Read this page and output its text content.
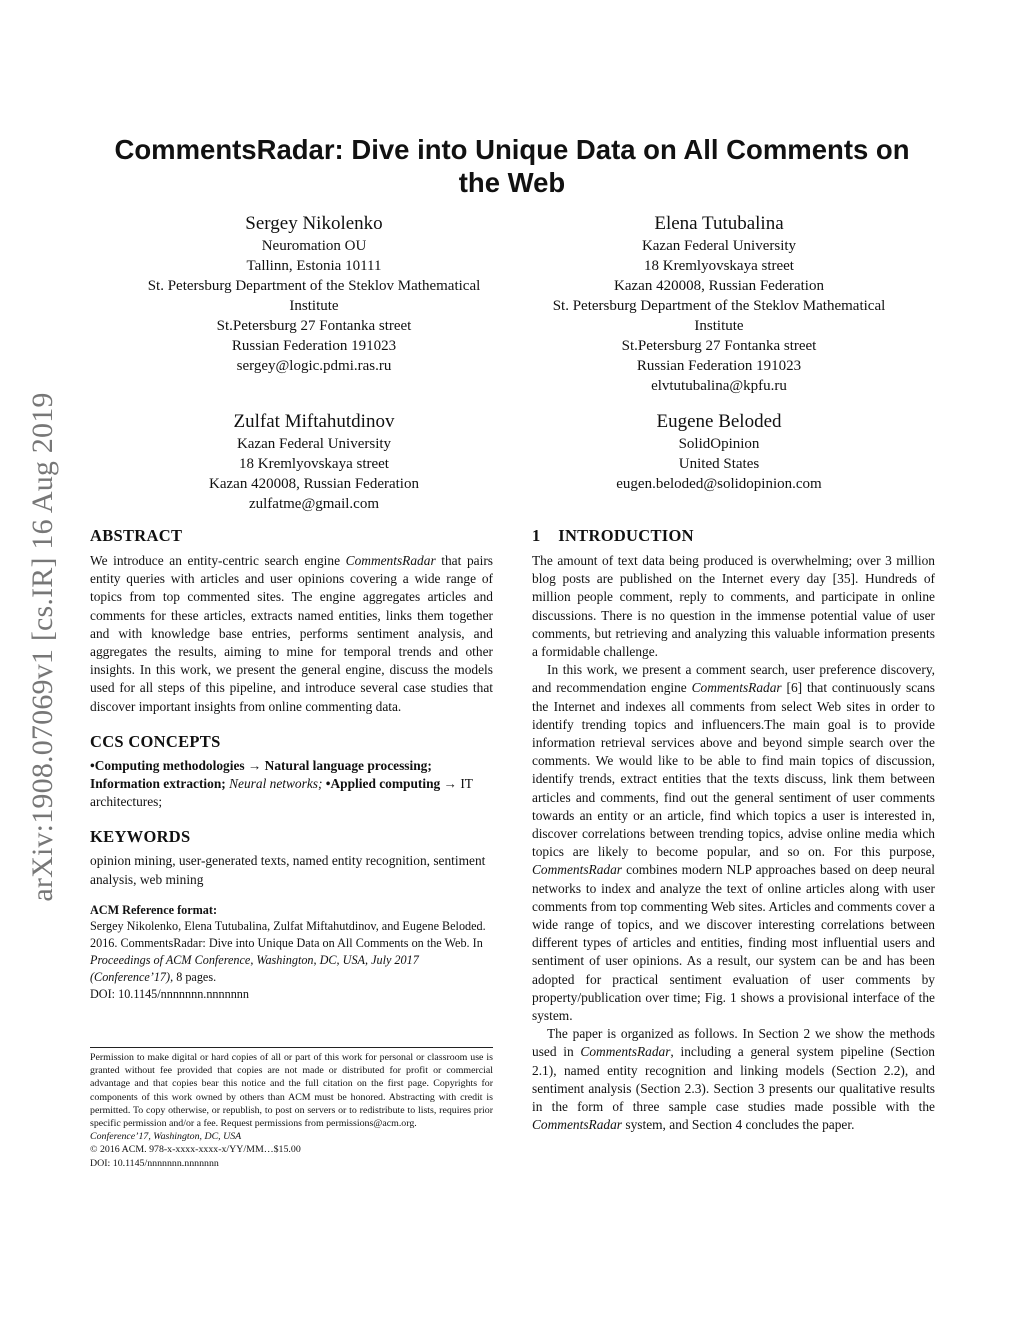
arXiv:1908.07069v1 [cs.IR] 16 Aug 2019
CommentsRadar: Dive into Unique Data on All Comments on
the Web
Sergey Nikolenko
Neuromation OU
Tallinn, Estonia 10111
St. Petersburg Department of the Steklov Mathematical
Institute
St.Petersburg 27 Fontanka street
Russian Federation 191023
sergey@logic.pdmi.ras.ru
Elena Tutubalina
Kazan Federal University
18 Kremlyovskaya street
Kazan 420008, Russian Federation
St. Petersburg Department of the Steklov Mathematical
Institute
St.Petersburg 27 Fontanka street
Russian Federation 191023
elvtutubalina@kpfu.ru
Zulfat Miftahutdinov
Kazan Federal University
18 Kremlyovskaya street
Kazan 420008, Russian Federation
zulfatme@gmail.com
Eugene Beloded
SolidOpinion
United States
eugen.beloded@solidopinion.com
ABSTRACT

We introduce an entity-centric search engine CommentsRadar that pairs entity queries with articles and user opinions covering a wide range of topics from top commented sites. The engine aggregates articles and comments for these articles, extracts named entities, links them together and with knowledge base entries, performs sentiment analysis, and aggregates the results, aiming to mine for temporal trends and other insights. In this work, we present the general engine, discuss the models used for all steps of this pipeline, and introduce several case studies that discover important insights from online commenting data.

CCS CONCEPTS

•Computing methodologies → Natural language processing; Information extraction; Neural networks; •Applied computing → IT architectures;

KEYWORDS

opinion mining, user-generated texts, named entity recognition, sentiment analysis, web mining

ACM Reference format:

Sergey Nikolenko, Elena Tutubalina, Zulfat Miftahutdinov, and Eugene Beloded. 2016. CommentsRadar: Dive into Unique Data on All Comments on the Web. In Proceedings of ACM Conference, Washington, DC, USA, July 2017 (Conference’17), 8 pages.

DOI: 10.1145/nnnnnnn.nnnnnnn

Permission to make digital or hard copies of all or part of this work for personal or classroom use is granted without fee provided that copies are not made or distributed for profit or commercial advantage and that copies bear this notice and the full citation on the first page. Copyrights for components of this work owned by others than ACM must be honored. Abstracting with credit is permitted. To copy otherwise, or republish, to post on servers or to redistribute to lists, requires prior specific permission and/or a fee. Request permissions from permissions@acm.org.

Conference’17, Washington, DC, USA

© 2016 ACM. 978-x-xxxx-xxxx-x/YY/MM…$15.00

DOI: 10.1145/nnnnnnn.nnnnnnn

1    INTRODUCTION

The amount of text data being produced is overwhelming; over 3 million blog posts are published on the Internet every day [35]. Hundreds of million people comment, reply to comments, and participate in online discussions. There is no question in the immense potential value of user comments, but retrieving and analyzing this valuable information presents a formidable challenge.

In this work, we present a comment search, user preference discovery, and recommendation engine CommentsRadar [6] that continuously scans the Internet and indexes all comments from select Web sites in order to identify trending topics and influencers.The main goal is to provide information retrieval services above and beyond simple search over the comments. We would like to be able to find main topics of discussion, identify trends, extract entities that the texts discuss, link them between articles and comments, find out the general sentiment of user comments towards an entity or an article, find which topics a user is interested in, discover correlations between trending topics, advise online media which topics are likely to become popular, and so on. For this purpose, CommentsRadar combines modern NLP approaches based on deep neural networks to index and analyze the text of online articles along with user comments from top commenting Web sites. Articles and comments cover a wide range of topics, and we discover interesting correlations between different types of articles and entities, finding most influential users and sentiment of user opinions. As a result, our system can be and has been adopted for practical sentiment evaluation of user comments by property/publication over time; Fig. 1 shows a provisional interface of the system.

The paper is organized as follows. In Section 2 we show the methods used in CommentsRadar, including a general system pipeline (Section 2.1), named entity recognition and linking models (Section 2.2), and sentiment analysis (Section 2.3). Section 3 presents our qualitative results in the form of three sample case studies made possible with the CommentsRadar system, and Section 4 concludes the paper.
